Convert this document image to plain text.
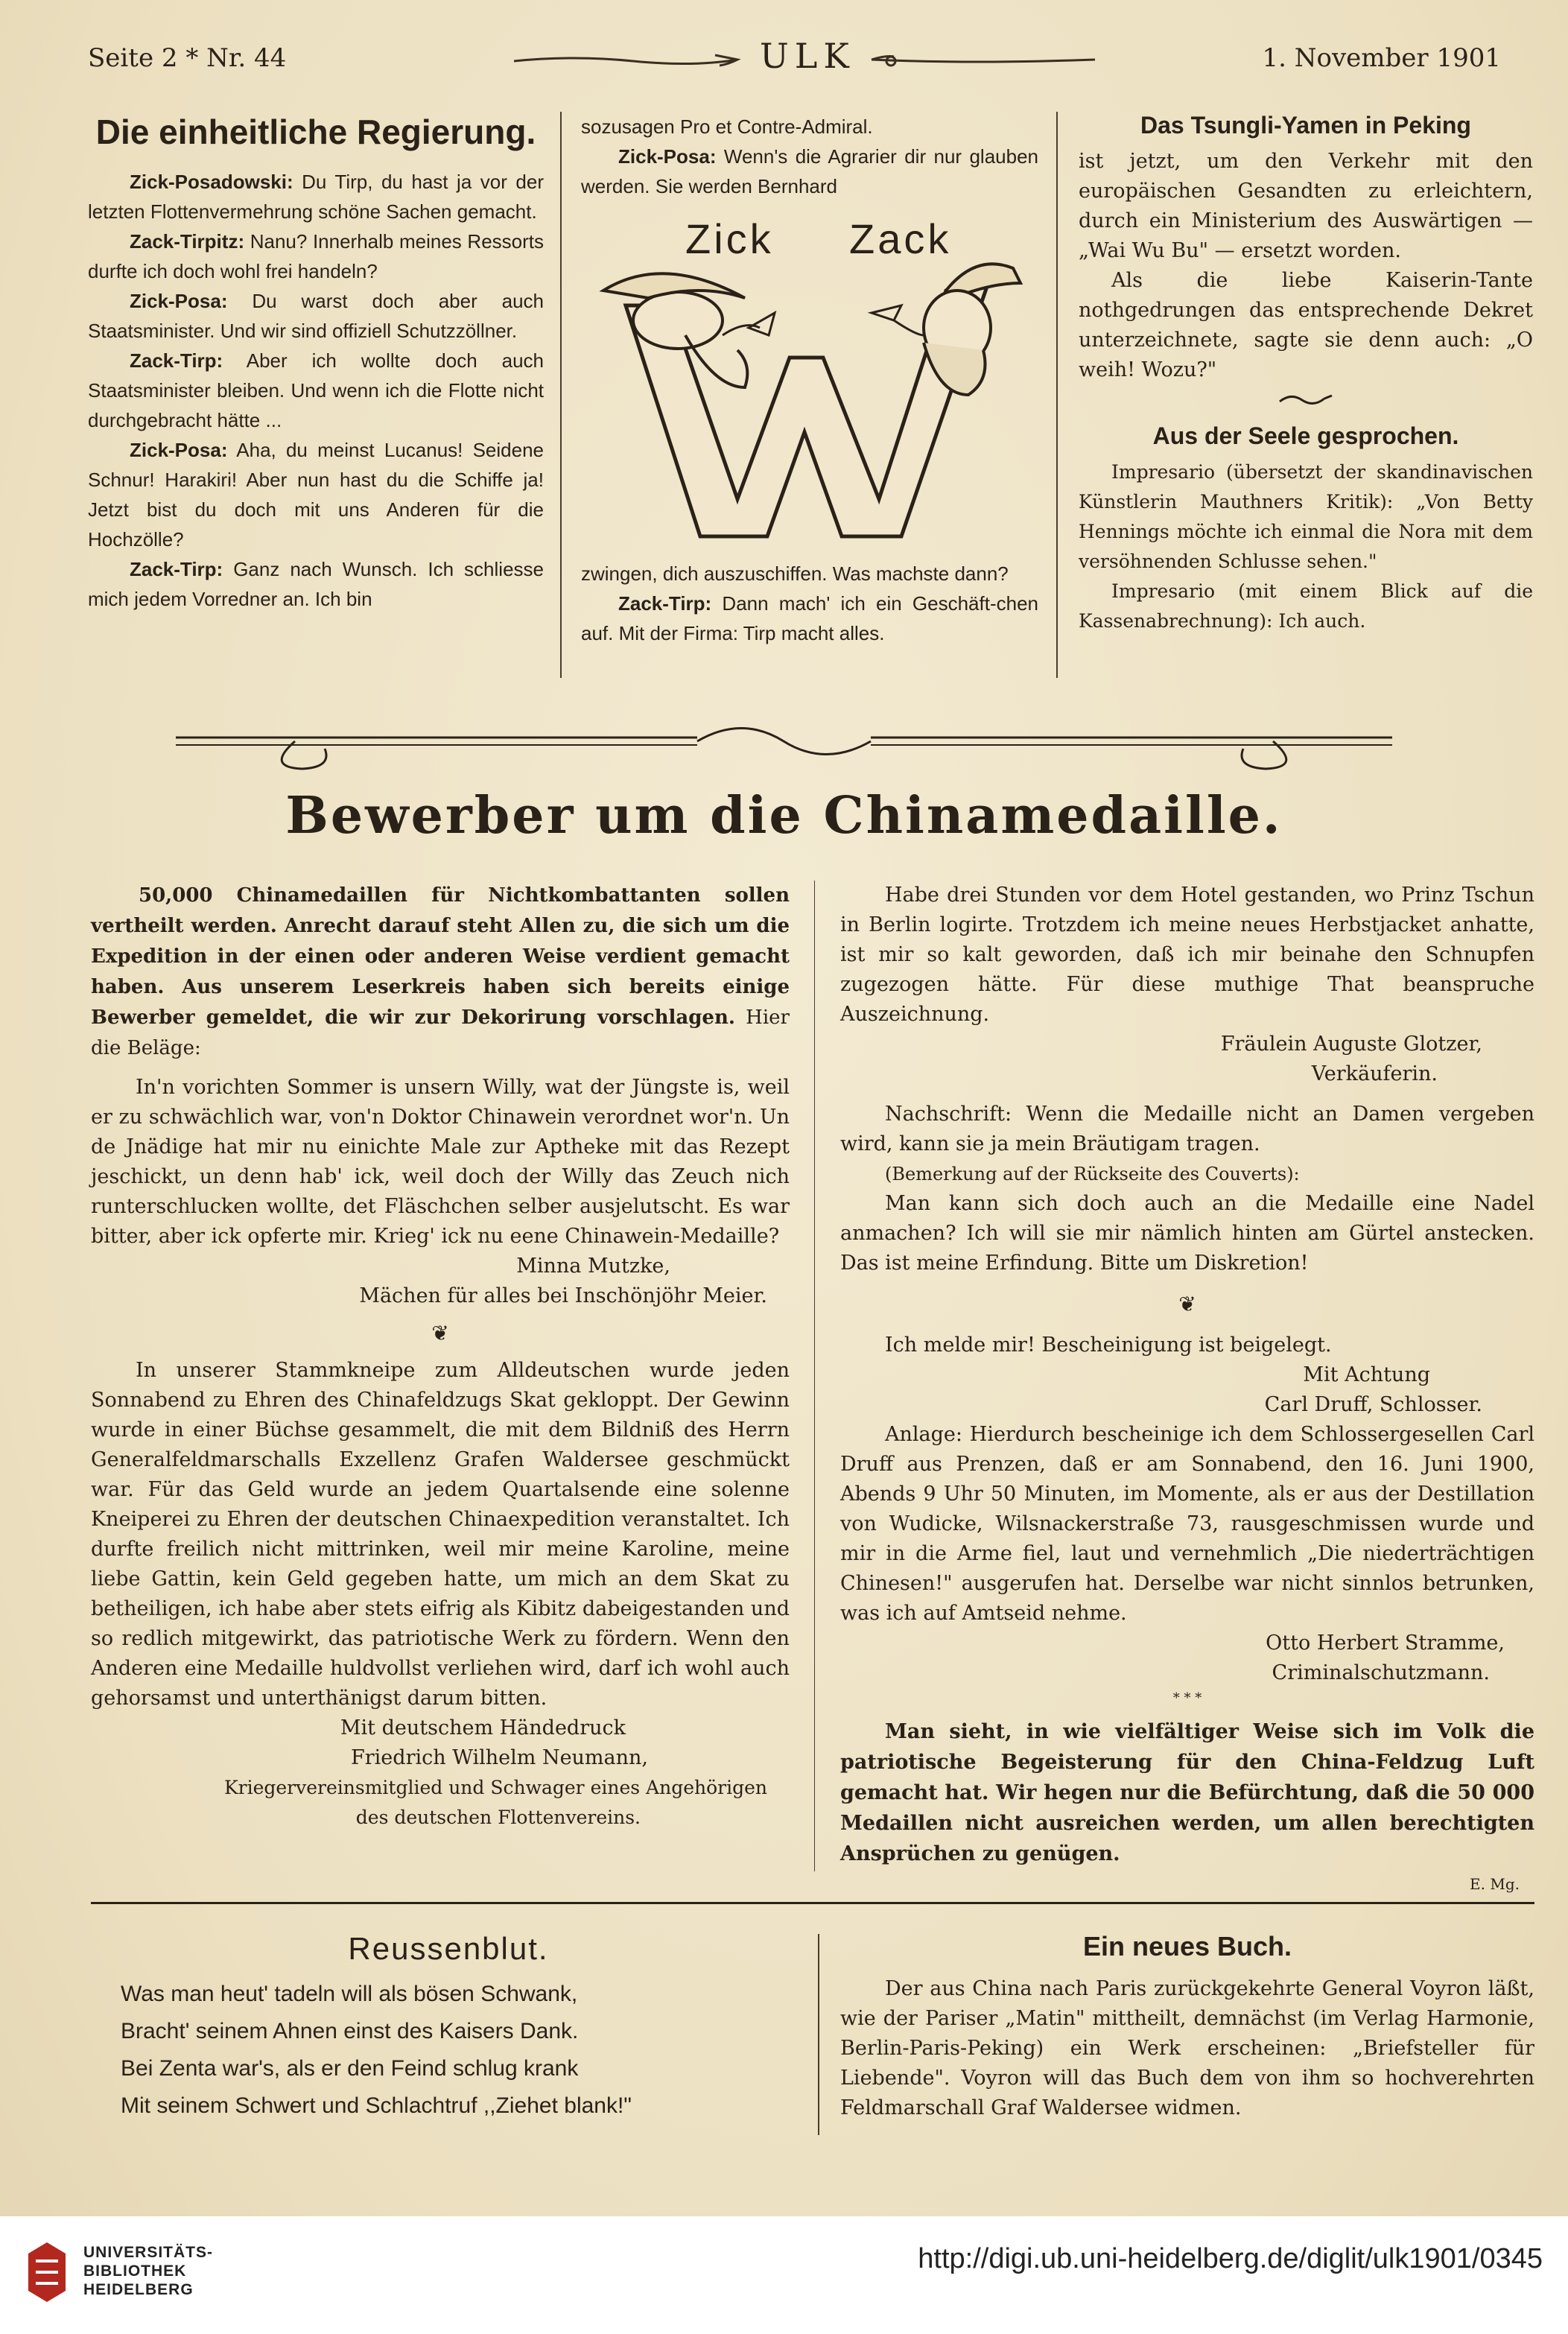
Seite 2 * Nr. 44	ULK	1. November 1901
Die einheitliche Regierung.

Zick-Posadowski: Du Tirp, du hast ja vor der letzten Flottenvermehrung schöne Sachen gemacht.

Zack-Tirpitz: Nanu? Innerhalb meines Ressorts durfte ich doch wohl frei handeln?

Zick-Posa: Du warst doch aber auch Staatsminister. Und wir sind offiziell Schutzzöllner.

Zack-Tirp: Aber ich wollte doch auch Staatsminister bleiben. Und wenn ich die Flotte nicht durchgebracht hätte ...

Zick-Posa: Aha, du meinst Lucanus! Seidene Schnur! Harakiri! Aber nun hast du die Schiffe ja! Jetzt bist du doch mit uns Anderen für die Hochzölle?

Zack-Tirp: Ganz nach Wunsch. Ich schliesse mich jedem Vorredner an. Ich bin

sozusagen Pro et Contre-Admiral.

Zick-Posa: Wenn's die Agrarier dir nur glauben werden. Sie werden Bernhard

Zick Zack

zwingen, dich auszuschiffen. Was machste dann?

Zack-Tirp: Dann mach' ich ein Geschäft-chen auf. Mit der Firma: Tirp macht alles.

Das Tsungli-Yamen in Peking

ist jetzt, um den Verkehr mit den europäischen Gesandten zu erleichtern, durch ein Ministerium des Auswärtigen — „Wai Wu Bu" — ersetzt worden.

Als die liebe Kaiserin-Tante nothgedrungen das entsprechende Dekret unterzeichnete, sagte sie denn auch: „O weih! Wozu?"

Aus der Seele gesprochen.

Impresario (übersetzt der skandinavischen Künstlerin Mauthners Kritik): „Von Betty Hennings möchte ich einmal die Nora mit dem versöhnenden Schlusse sehen."

Impresario (mit einem Blick auf die Kassenabrechnung): Ich auch.

Bewerber um die Chinamedaille.

50,000 Chinamedaillen für Nichtkombattanten sollen vertheilt werden. Anrecht darauf steht Allen zu, die sich um die Expedition in der einen oder anderen Weise verdient gemacht haben. Aus unserem Leserkreis haben sich bereits einige Bewerber gemeldet, die wir zur Dekorirung vorschlagen. Hier die Beläge:

In'n vorichten Sommer is unsern Willy, wat der Jüngste is, weil er zu schwächlich war, von'n Doktor Chinawein verordnet wor'n. Un de Jnädige hat mir nu einichte Male zur Aptheke mit das Rezept jeschickt, un denn hab' ick, weil doch der Willy das Zeuch nich runterschlucken wollte, det Fläschchen selber ausjelutscht. Es war bitter, aber ick opferte mir. Krieg' ick nu eene Chinawein-Medaille?

Minna Mutzke,

Mächen für alles bei Inschönjöhr Meier.

❦

In unserer Stammkneipe zum Alldeutschen wurde jeden Sonnabend zu Ehren des Chinafeldzugs Skat gekloppt. Der Gewinn wurde in einer Büchse gesammelt, die mit dem Bildniß des Herrn Generalfeldmarschalls Exzellenz Grafen Waldersee geschmückt war. Für das Geld wurde an jedem Quartalsende eine solenne Kneiperei zu Ehren der deutschen Chinaexpedition veranstaltet. Ich durfte freilich nicht mittrinken, weil mir meine Karoline, meine liebe Gattin, kein Geld gegeben hatte, um mich an dem Skat zu betheiligen, ich habe aber stets eifrig als Kibitz dabeigestanden und so redlich mitgewirkt, das patriotische Werk zu fördern. Wenn den Anderen eine Medaille huldvollst verliehen wird, darf ich wohl auch gehorsamst und unterthänigst darum bitten.

Mit deutschem Händedruck

Friedrich Wilhelm Neumann,

Kriegervereinsmitglied und Schwager eines Angehörigen

des deutschen Flottenvereins.

Habe drei Stunden vor dem Hotel gestanden, wo Prinz Tschun in Berlin logirte. Trotzdem ich meine neues Herbstjacket anhatte, ist mir so kalt geworden, daß ich mir beinahe den Schnupfen zugezogen hätte. Für diese muthige That beanspruche Auszeichnung.

Fräulein Auguste Glotzer,

Verkäuferin.

Nachschrift: Wenn die Medaille nicht an Damen vergeben wird, kann sie ja mein Bräutigam tragen.

(Bemerkung auf der Rückseite des Couverts):

Man kann sich doch auch an die Medaille eine Nadel anmachen? Ich will sie mir nämlich hinten am Gürtel anstecken. Das ist meine Erfindung. Bitte um Diskretion!

❦

Ich melde mir! Bescheinigung ist beigelegt.

Mit Achtung

Carl Druff, Schlosser.

Anlage: Hierdurch bescheinige ich dem Schlossergesellen Carl Druff aus Prenzen, daß er am Sonnabend, den 16. Juni 1900, Abends 9 Uhr 50 Minuten, im Momente, als er aus der Destillation von Wudicke, Wilsnackerstraße 73, rausgeschmissen wurde und mir in die Arme fiel, laut und vernehmlich „Die niederträchtigen Chinesen!" ausgerufen hat. Derselbe war nicht sinnlos betrunken, was ich auf Amtseid nehme.

Otto Herbert Stramme,

Criminalschutzmann.

* * *

Man sieht, in wie vielfältiger Weise sich im Volk die patriotische Begeisterung für den China-Feldzug Luft gemacht hat. Wir hegen nur die Befürchtung, daß die 50 000 Medaillen nicht ausreichen werden, um allen berechtigten Ansprüchen zu genügen.

E. Mg.

Reussenblut.

Was man heut' tadeln will als bösen Schwank,

Bracht' seinem Ahnen einst des Kaisers Dank.

Bei Zenta war's, als er den Feind schlug krank

Mit seinem Schwert und Schlachtruf ,,Ziehet blank!"

Ein neues Buch.

Der aus China nach Paris zurückgekehrte General Voyron läßt, wie der Pariser „Matin" mittheilt, demnächst (im Verlag Harmonie, Berlin-Paris-Peking) ein Werk erscheinen: „Briefsteller für Liebende". Voyron will das Buch dem von ihm so hochverehrten Feldmarschall Graf Waldersee widmen.

UNIVERSITÄTS-
BIBLIOTHEK
HEIDELBERG
http://digi.ub.uni-heidelberg.de/diglit/ulk1901/0345
